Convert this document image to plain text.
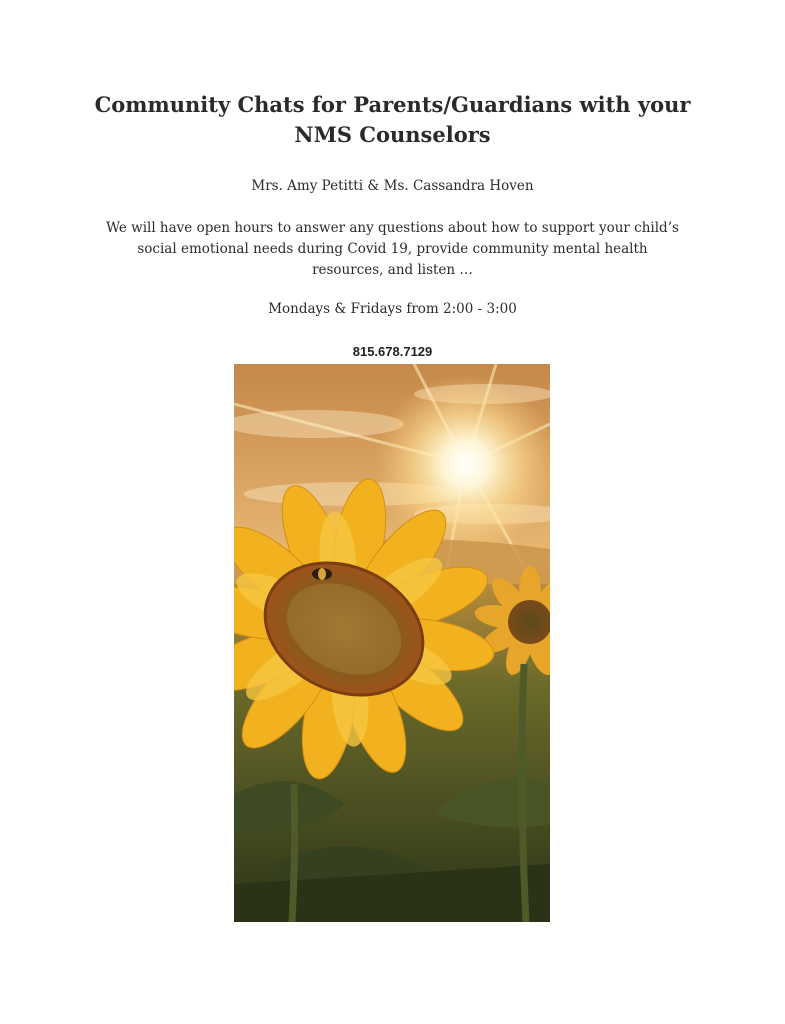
Community Chats for Parents/Guardians with your
NMS Counselors

Mrs. Amy Petitti & Ms. Cassandra Hoven

We will have open hours to answer any questions about how to support your child’s
social emotional needs during Covid 19, provide community mental health
resources, and listen …

Mondays & Fridays from 2:00 - 3:00

815.678.7129
